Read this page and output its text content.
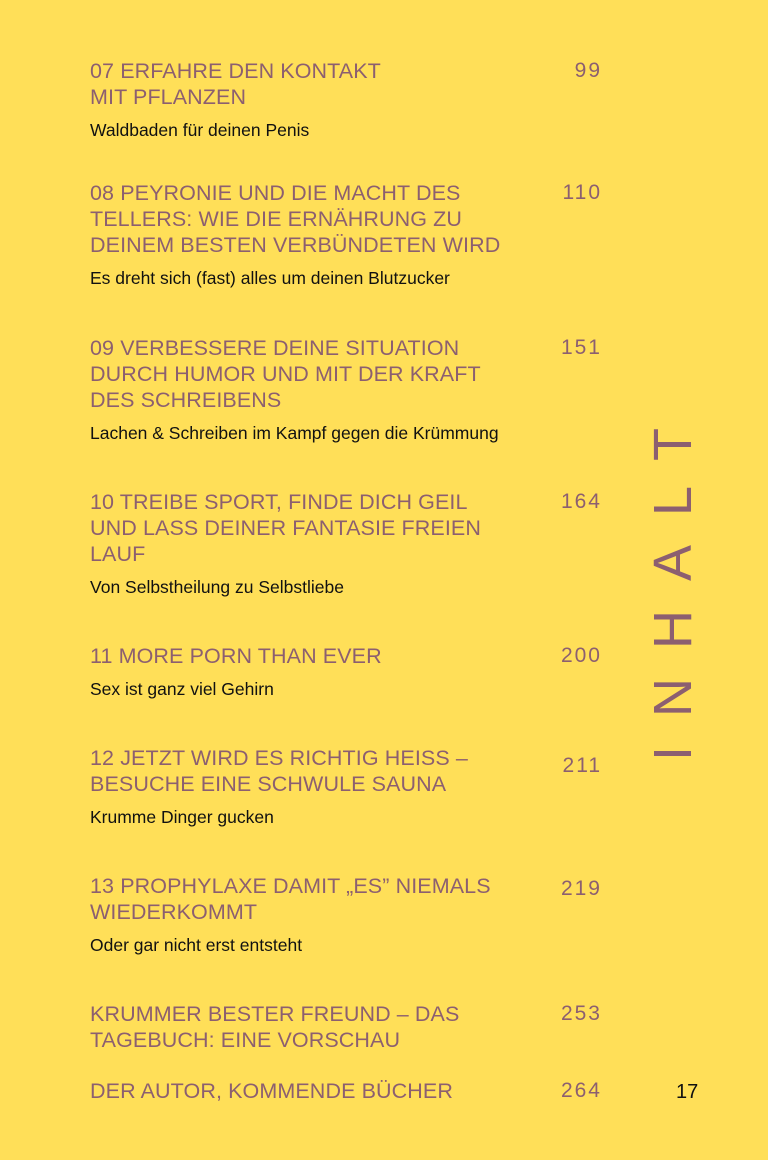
07 ERFAHRE DEN KONTAKT
MIT PFLANZEN
99
Waldbaden für deinen Penis
08 PEYRONIE UND DIE MACHT DES
TELLERS: WIE DIE ERNÄHRUNG ZU
DEINEM BESTEN VERBÜNDETEN WIRD
110
Es dreht sich (fast) alles um deinen Blutzucker
09 VERBESSERE DEINE SITUATION
DURCH HUMOR UND MIT DER KRAFT
DES SCHREIBENS
151
Lachen & Schreiben im Kampf gegen die Krümmung
10 TREIBE SPORT, FINDE DICH GEIL
UND LASS DEINER FANTASIE FREIEN
LAUF
164
Von Selbstheilung zu Selbstliebe
11 MORE PORN THAN EVER	200
Sex ist ganz viel Gehirn
12 JETZT WIRD ES RICHTIG HEISS –
BESUCHE EINE SCHWULE SAUNA
211
Krumme Dinger gucken
13 PROPHYLAXE DAMIT „ES” NIEMALS
WIEDERKOMMT
219
Oder gar nicht erst entsteht
KRUMMER BESTER FREUND – DAS
TAGEBUCH: EINE VORSCHAU
253
DER AUTOR, KOMMENDE BÜCHER	264
INHALT
17
